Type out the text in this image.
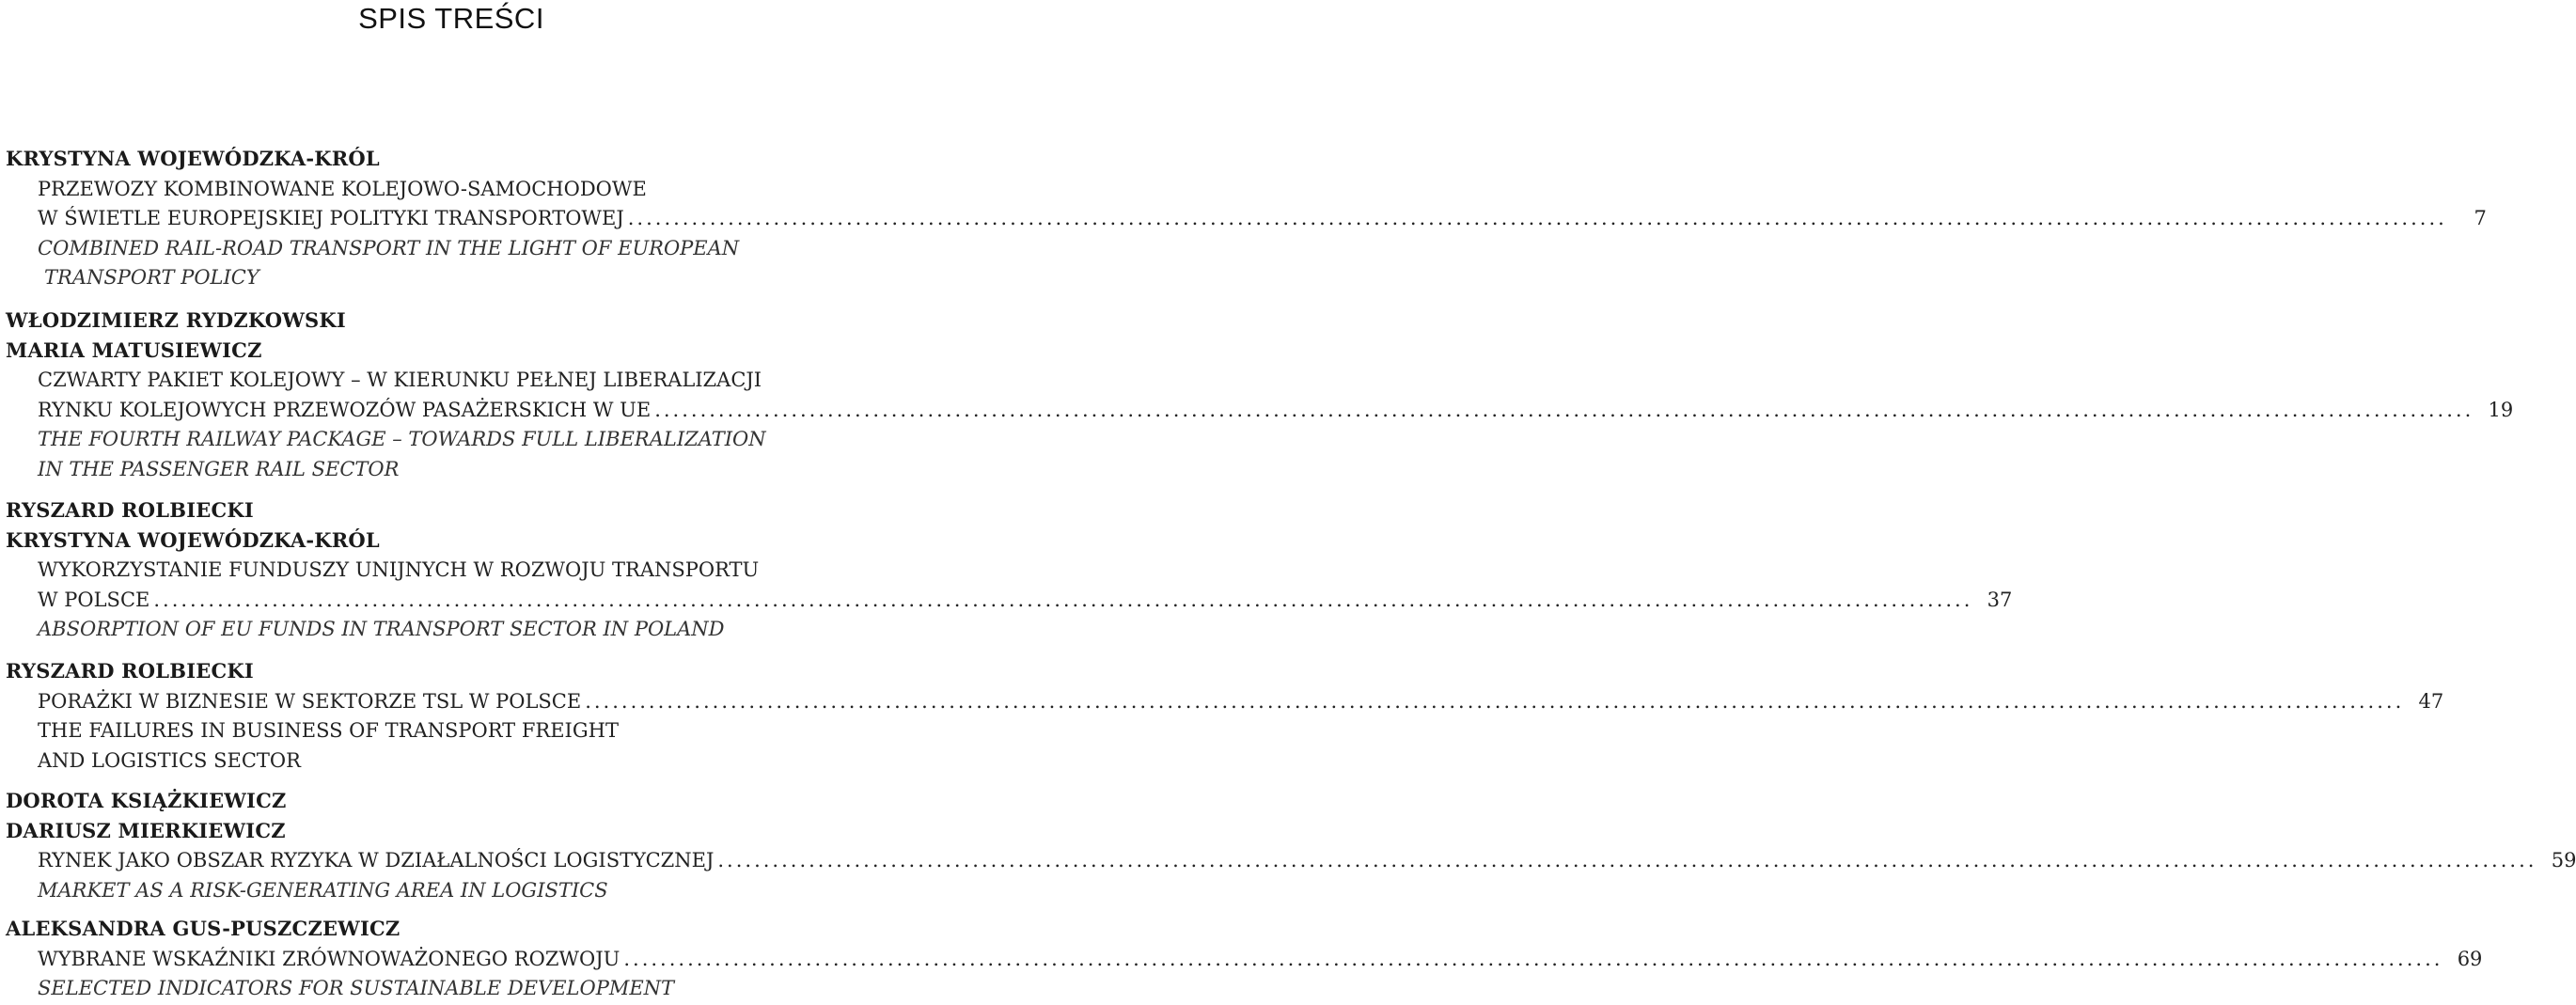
SPIS TREŚCI
KRYSTYNA WOJEWÓDZKA-KRÓL
PRZEWOZY KOMBINOWANE KOLEJOWO-SAMOCHODOWE
W ŚWIETLE EUROPEJSKIEJ POLITYKI TRANSPORTOWEJ ........................................................................................................................................................................................................	7
COMBINED RAIL-ROAD TRANSPORT IN THE LIGHT OF EUROPEAN
TRANSPORT POLICY
WŁODZIMIERZ RYDZKOWSKI
MARIA MATUSIEWICZ
CZWARTY PAKIET KOLEJOWY – W KIERUNKU PEŁNEJ LIBERALIZACJI
RYNKU KOLEJOWYCH PRZEWOZÓW PASAŻERSKICH W UE ........................................................................................................................................................................................................ 19
THE FOURTH RAILWAY PACKAGE – TOWARDS FULL LIBERALIZATION
IN THE PASSENGER RAIL SECTOR
RYSZARD ROLBIECKI
KRYSTYNA WOJEWÓDZKA-KRÓL
WYKORZYSTANIE FUNDUSZY UNIJNYCH W ROZWOJU TRANSPORTU
W POLSCE ........................................................................................................................................................................................................ 37
ABSORPTION OF EU FUNDS IN TRANSPORT SECTOR IN POLAND
RYSZARD ROLBIECKI
PORAŻKI W BIZNESIE W SEKTORZE TSL W POLSCE ........................................................................................................................................................................................................ 47
THE FAILURES IN BUSINESS OF TRANSPORT FREIGHT
AND LOGISTICS SECTOR
DOROTA KSIĄŻKIEWICZ
DARIUSZ MIERKIEWICZ
RYNEK JAKO OBSZAR RYZYKA W DZIAŁALNOŚCI LOGISTYCZNEJ ........................................................................................................................................................................................................ 59
MARKET AS A RISK-GENERATING AREA IN LOGISTICS
ALEKSANDRA GUS-PUSZCZEWICZ
WYBRANE WSKAŹNIKI ZRÓWNOWAŻONEGO ROZWOJU ........................................................................................................................................................................................................ 69
SELECTED INDICATORS FOR SUSTAINABLE DEVELOPMENT
